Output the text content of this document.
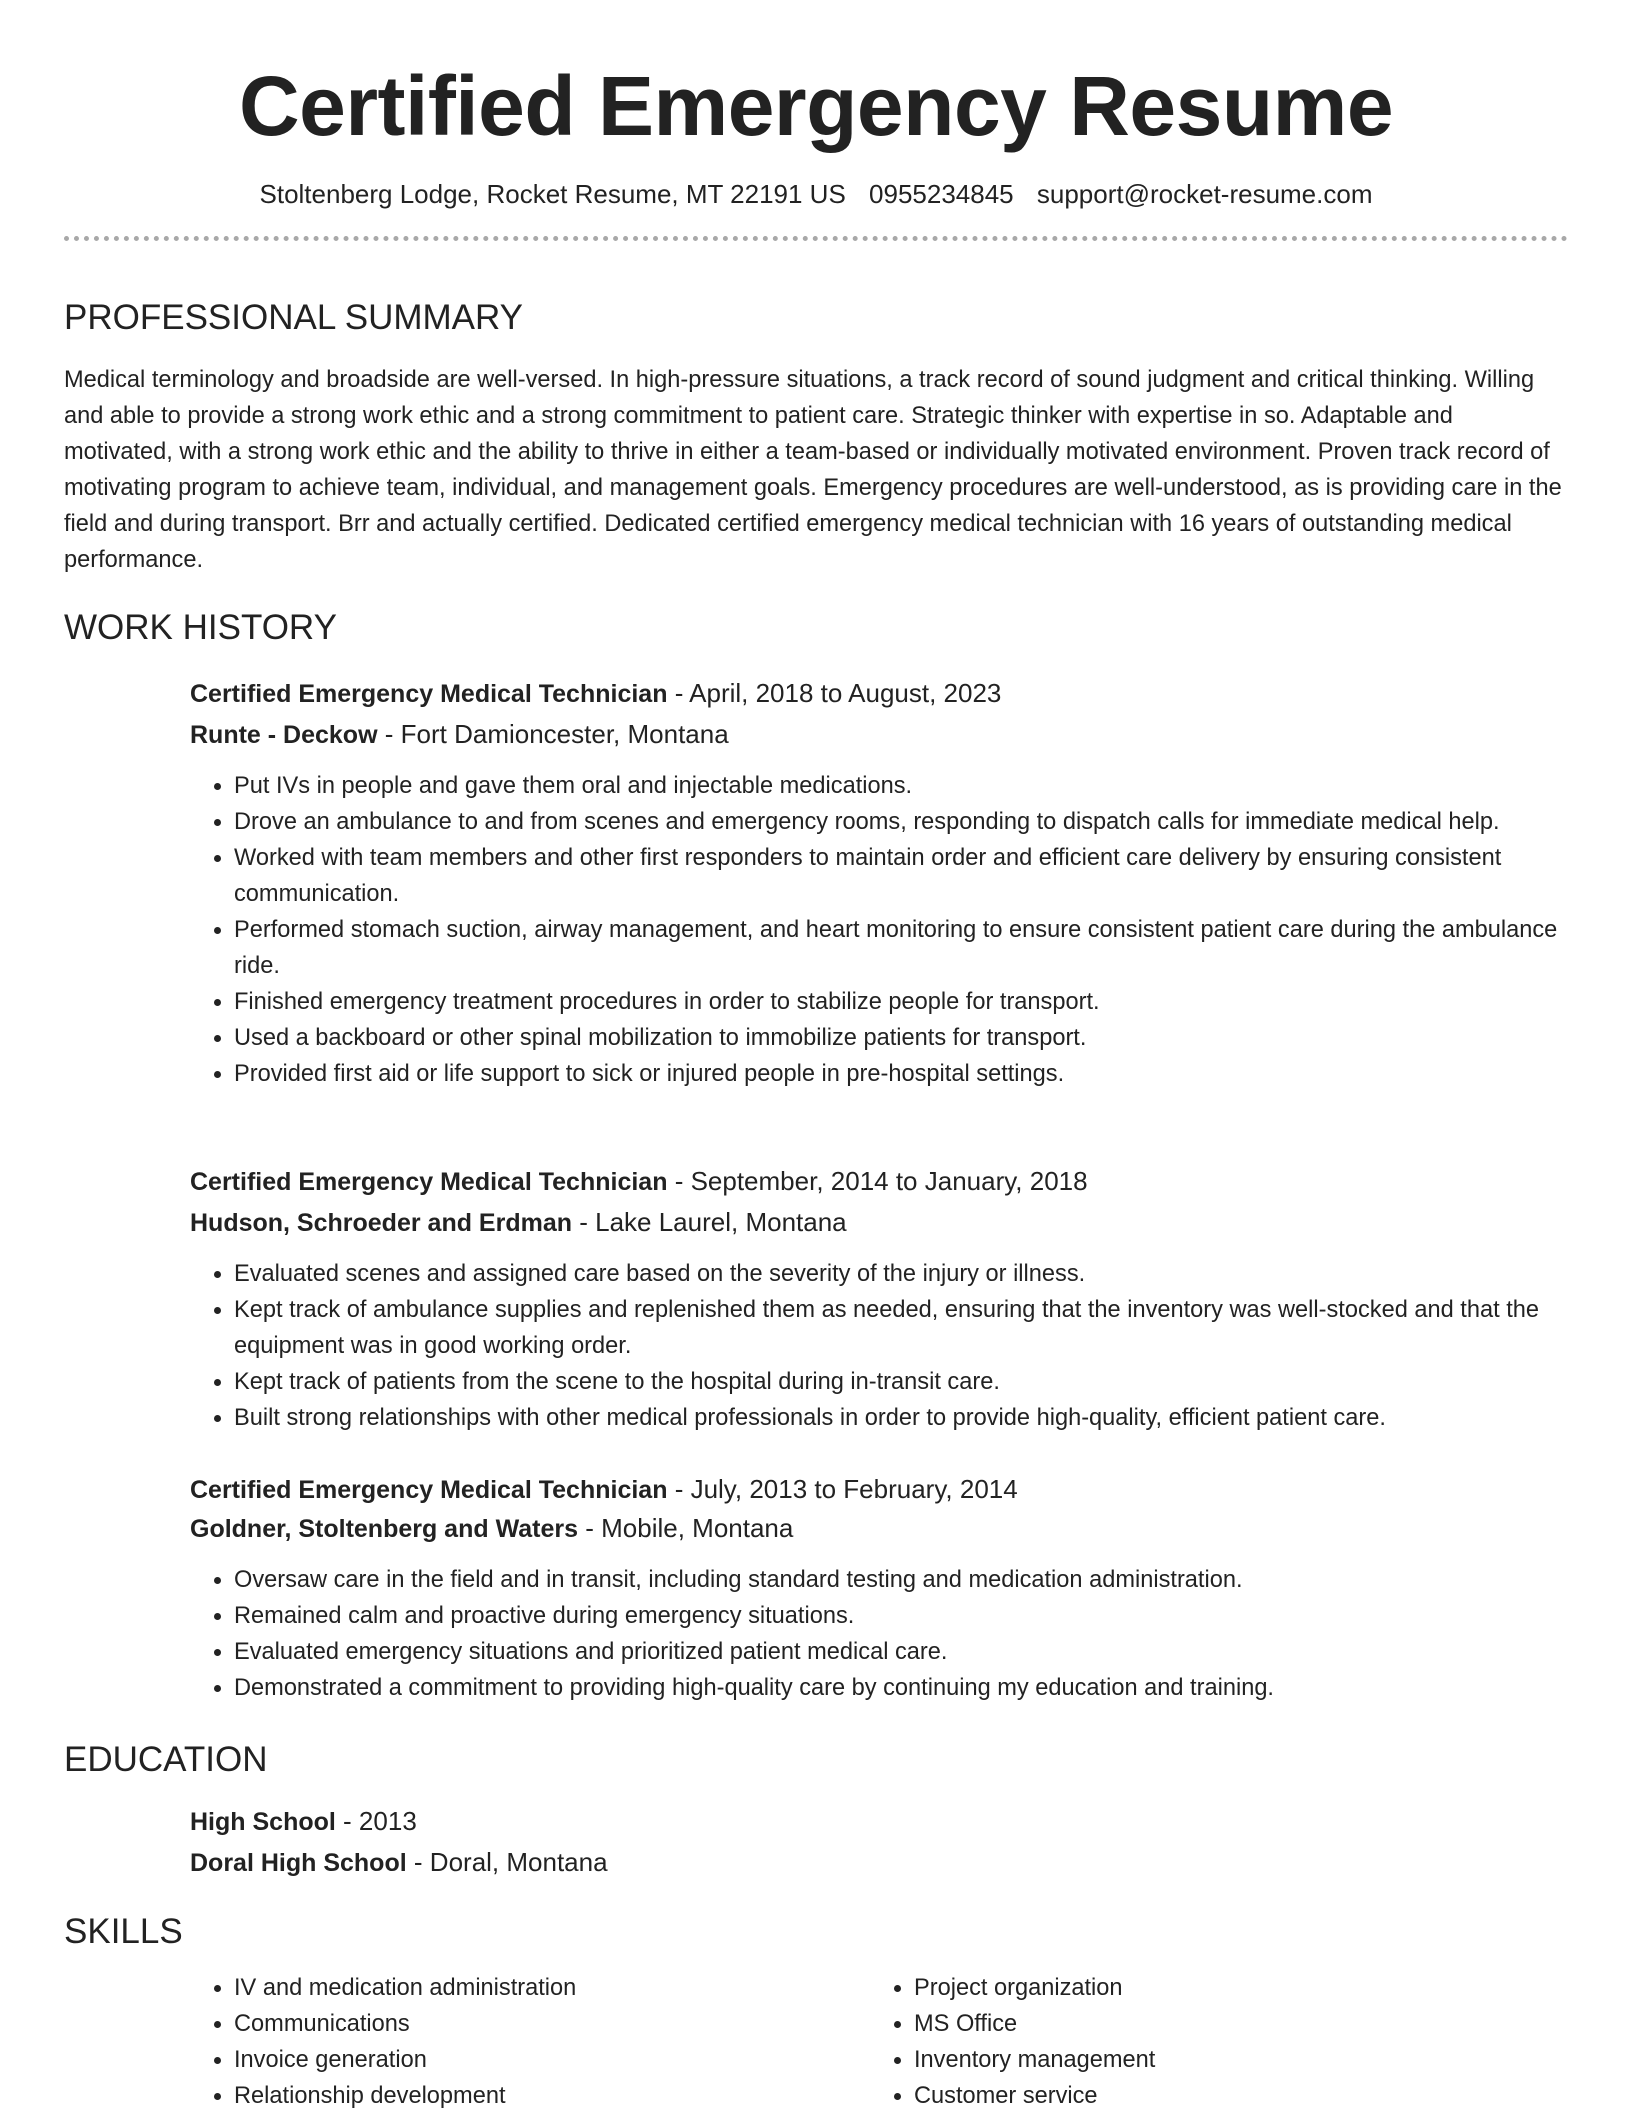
Certified Emergency Resume
Stoltenberg Lodge, Rocket Resume, MT 22191 US 0955234845 support@rocket-resume.com
PROFESSIONAL SUMMARY

Medical terminology and broadside are well-versed. In high-pressure situations, a track record of sound judgment and critical thinking. Willing and able to provide a strong work ethic and a strong commitment to patient care. Strategic thinker with expertise in so. Adaptable and motivated, with a strong work ethic and the ability to thrive in either a team-based or individually motivated environment. Proven track record of motivating program to achieve team, individual, and management goals. Emergency procedures are well-understood, as is providing care in the field and during transport. Brr and actually certified. Dedicated certified emergency medical technician with 16 years of outstanding medical performance.

WORK HISTORY
Certified Emergency Medical Technician - April, 2018 to August, 2023
Runte - Deckow - Fort Damioncester, Montana
• Put IVs in people and gave them oral and injectable medications.
• Drove an ambulance to and from scenes and emergency rooms, responding to dispatch calls for immediate medical help.
• Worked with team members and other first responders to maintain order and efficient care delivery by ensuring consistent communication.
• Performed stomach suction, airway management, and heart monitoring to ensure consistent patient care during the ambulance ride.
• Finished emergency treatment procedures in order to stabilize people for transport.
• Used a backboard or other spinal mobilization to immobilize patients for transport.
• Provided first aid or life support to sick or injured people in pre-hospital settings.
Certified Emergency Medical Technician - September, 2014 to January, 2018
Hudson, Schroeder and Erdman - Lake Laurel, Montana
• Evaluated scenes and assigned care based on the severity of the injury or illness.
• Kept track of ambulance supplies and replenished them as needed, ensuring that the inventory was well-stocked and that the equipment was in good working order.
• Kept track of patients from the scene to the hospital during in-transit care.
• Built strong relationships with other medical professionals in order to provide high-quality, efficient patient care.
Certified Emergency Medical Technician - July, 2013 to February, 2014
Goldner, Stoltenberg and Waters - Mobile, Montana
• Oversaw care in the field and in transit, including standard testing and medication administration.
• Remained calm and proactive during emergency situations.
• Evaluated emergency situations and prioritized patient medical care.
• Demonstrated a commitment to providing high-quality care by continuing my education and training.
EDUCATION
High School - 2013
Doral High School - Doral, Montana
SKILLS
• IV and medication administration
• Communications
• Invoice generation
• Relationship development
• Project organization
• MS Office
• Inventory management
• Customer service
